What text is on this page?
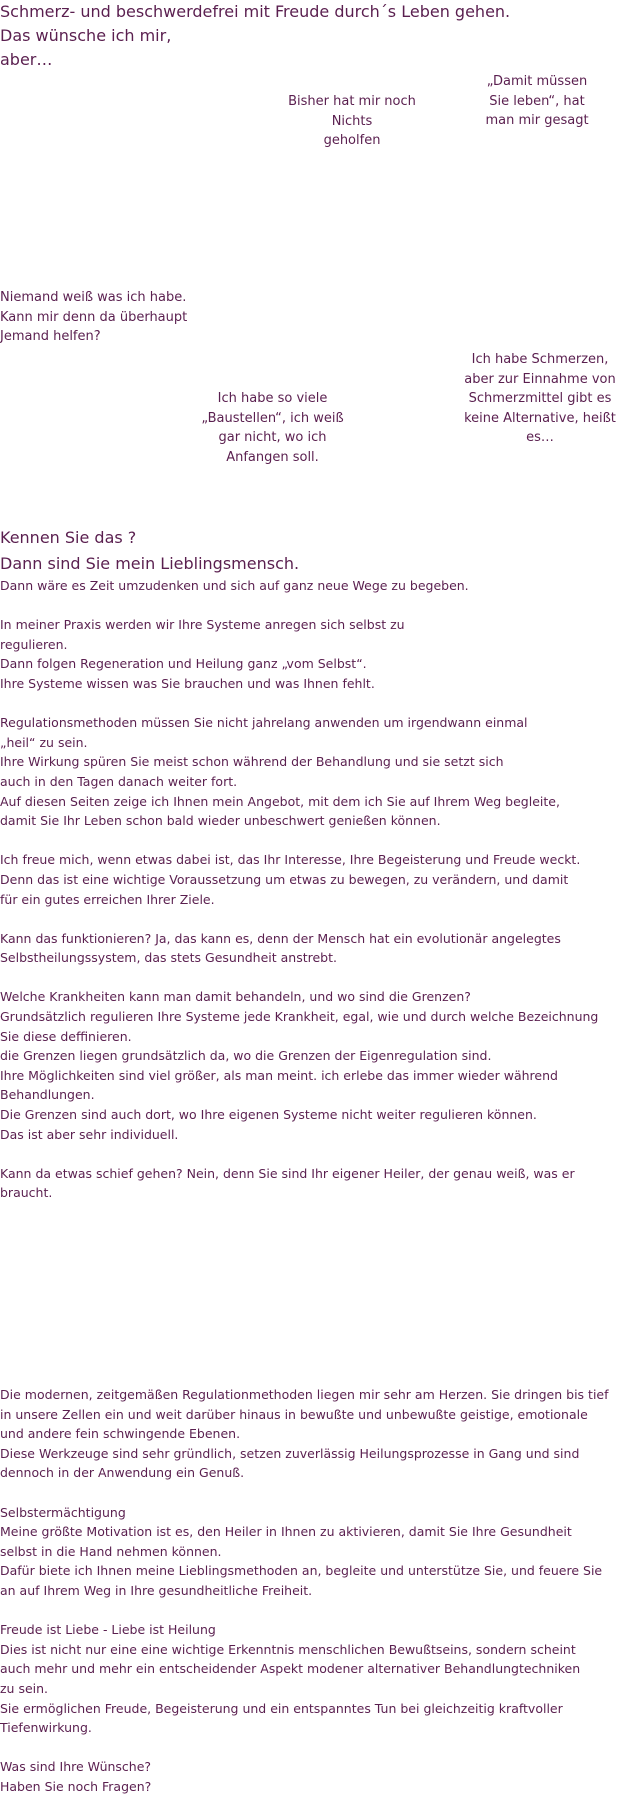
Schmerz- und beschwerdefrei mit Freude durch´s Leben gehen.
Das wünsche ich mir,
aber…
„Damit müssen
Sie leben“, hat
man mir gesagt
Bisher hat mir noch
Nichts
geholfen
Niemand weiß was ich habe.
Kann mir denn da überhaupt
Jemand helfen?
Ich habe Schmerzen,
aber zur Einnahme von
Schmerzmittel gibt es
keine Alternative, heißt
es…
Ich habe so viele
„Baustellen“, ich weiß
gar nicht, wo ich
Anfangen soll.
Kennen Sie das ?
Dann sind Sie mein Lieblingsmensch.

Dann wäre es Zeit umzudenken und sich auf ganz neue Wege zu begeben.

In meiner Praxis werden wir Ihre Systeme anregen sich selbst zu

regulieren.

Dann folgen Regeneration und Heilung ganz „vom Selbst“.

Ihre Systeme wissen was Sie brauchen und was Ihnen fehlt.

Regulationsmethoden müssen Sie nicht jahrelang anwenden um irgendwann einmal

„heil“ zu sein.

Ihre Wirkung spüren Sie meist schon während der Behandlung und sie setzt sich

auch in den Tagen danach weiter fort.

Auf diesen Seiten zeige ich Ihnen mein Angebot, mit dem ich Sie auf Ihrem Weg begleite,

damit Sie Ihr Leben schon bald wieder unbeschwert genießen können.

Ich freue mich, wenn etwas dabei ist, das Ihr Interesse, Ihre Begeisterung und Freude weckt.

Denn das ist eine wichtige Voraussetzung um etwas zu bewegen, zu verändern, und damit

für ein gutes erreichen Ihrer Ziele.

Kann das funktionieren? Ja, das kann es, denn der Mensch hat ein evolutionär angelegtes

Selbstheilungssystem, das stets Gesundheit anstrebt.

Welche Krankheiten kann man damit behandeln, und wo sind die Grenzen?

Grundsätzlich regulieren Ihre Systeme jede Krankheit, egal, wie und durch welche Bezeichnung

Sie diese deffinieren.

die Grenzen liegen grundsätzlich da, wo die Grenzen der Eigenregulation sind.

Ihre Möglichkeiten sind viel größer, als man meint. ich erlebe das immer wieder während

Behandlungen.

Die Grenzen sind auch dort, wo Ihre eigenen Systeme nicht weiter regulieren können.

Das ist aber sehr individuell.

Kann da etwas schief gehen? Nein, denn Sie sind Ihr eigener Heiler, der genau weiß, was er

braucht.

Die modernen, zeitgemäßen Regulationmethoden liegen mir sehr am Herzen. Sie dringen bis tief

in unsere Zellen ein und weit darüber hinaus in bewußte und unbewußte geistige, emotionale

und andere fein schwingende Ebenen.

Diese Werkzeuge sind sehr gründlich, setzen zuverlässig Heilungsprozesse in Gang und sind

dennoch in der Anwendung ein Genuß.

Selbstermächtigung

Meine größte Motivation ist es, den Heiler in Ihnen zu aktivieren, damit Sie Ihre Gesundheit

selbst in die Hand nehmen können.

Dafür biete ich Ihnen meine Lieblingsmethoden an, begleite und unterstütze Sie, und feuere Sie

an auf Ihrem Weg in Ihre gesundheitliche Freiheit.

Freude ist Liebe - Liebe ist Heilung

Dies ist nicht nur eine eine wichtige Erkenntnis menschlichen Bewußtseins, sondern scheint

auch mehr und mehr ein entscheidender Aspekt modener alternativer Behandlungtechniken

zu sein.

Sie ermöglichen Freude, Begeisterung und ein entspanntes Tun bei gleichzeitig kraftvoller

Tiefenwirkung.

Was sind Ihre Wünsche?

Haben Sie noch Fragen?
